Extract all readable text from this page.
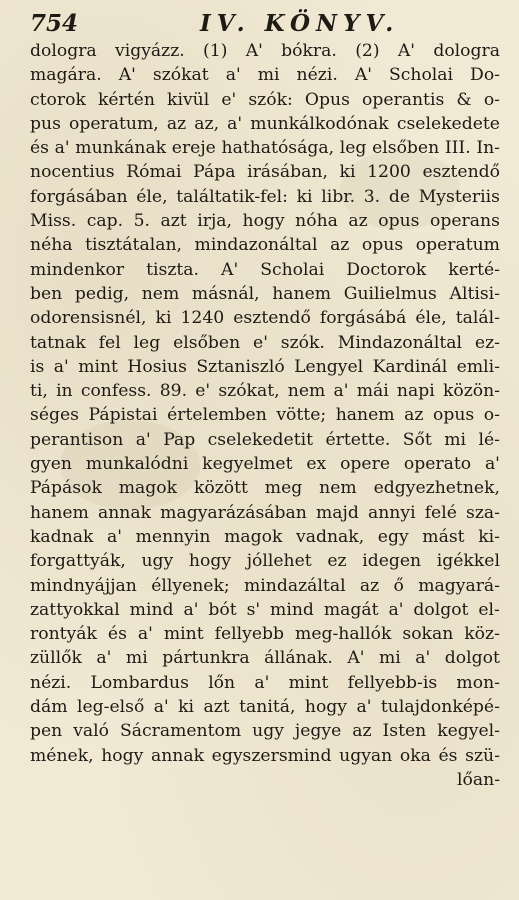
754	IV. KÖNYV.
dologra vigyázz. (1) A' bókra. (2) A' dologra
magára. A' szókat a' mi nézi. A' Scholai Do-
ctorok kértén kivül e' szók: Opus operantis & o-
pus operatum, az az, a' munkálkodónak cselekedete
és a' munkának ereje hathatósága, leg elsőben III. In-
nocentius Római Pápa irásában, ki 1200 esztendő
forgásában éle, találtatik-fel: ki libr. 3. de Mysteriis
Miss. cap. 5. azt irja, hogy nóha az opus operans
néha tisztátalan, mindazonáltal az opus operatum
mindenkor tiszta. A' Scholai Doctorok kerté-
ben pedig, nem másnál, hanem Guilielmus Altisi-
odorensisnél, ki 1240 esztendő forgásábá éle, talál-
tatnak fel leg elsőben e' szók. Mindazonáltal ez-
is a' mint Hosius Sztaniszló Lengyel Kardinál emli-
ti, in confess. 89. e' szókat, nem a' mái napi közön-
séges Pápistai értelemben vötte; hanem az opus o-
perantison a' Pap cselekedetit értette. Sőt mi lé-
gyen munkalódni kegyelmet ex opere operato a'
Pápások magok között meg nem edgyezhetnek,
hanem annak magyarázásában majd annyi felé sza-
kadnak a' mennyin magok vadnak, egy mást ki-
forgattyák, ugy hogy jóllehet ez idegen igékkel
mindnyájjan éllyenek; mindazáltal az ő magyará-
zattyokkal mind a' bót s' mind magát a' dolgot el-
rontyák és a' mint fellyebb meg-hallók sokan köz-
züllők a' mi pártunkra állának. A' mi a' dolgot
nézi. Lombardus lőn a' mint fellyebb-is mon-
dám leg-első a' ki azt tanitá, hogy a' tulajdonképé-
pen való Sácramentom ugy jegye az Isten kegyel-
mének, hogy annak egyszersmind ugyan oka és szü-
lő an-
